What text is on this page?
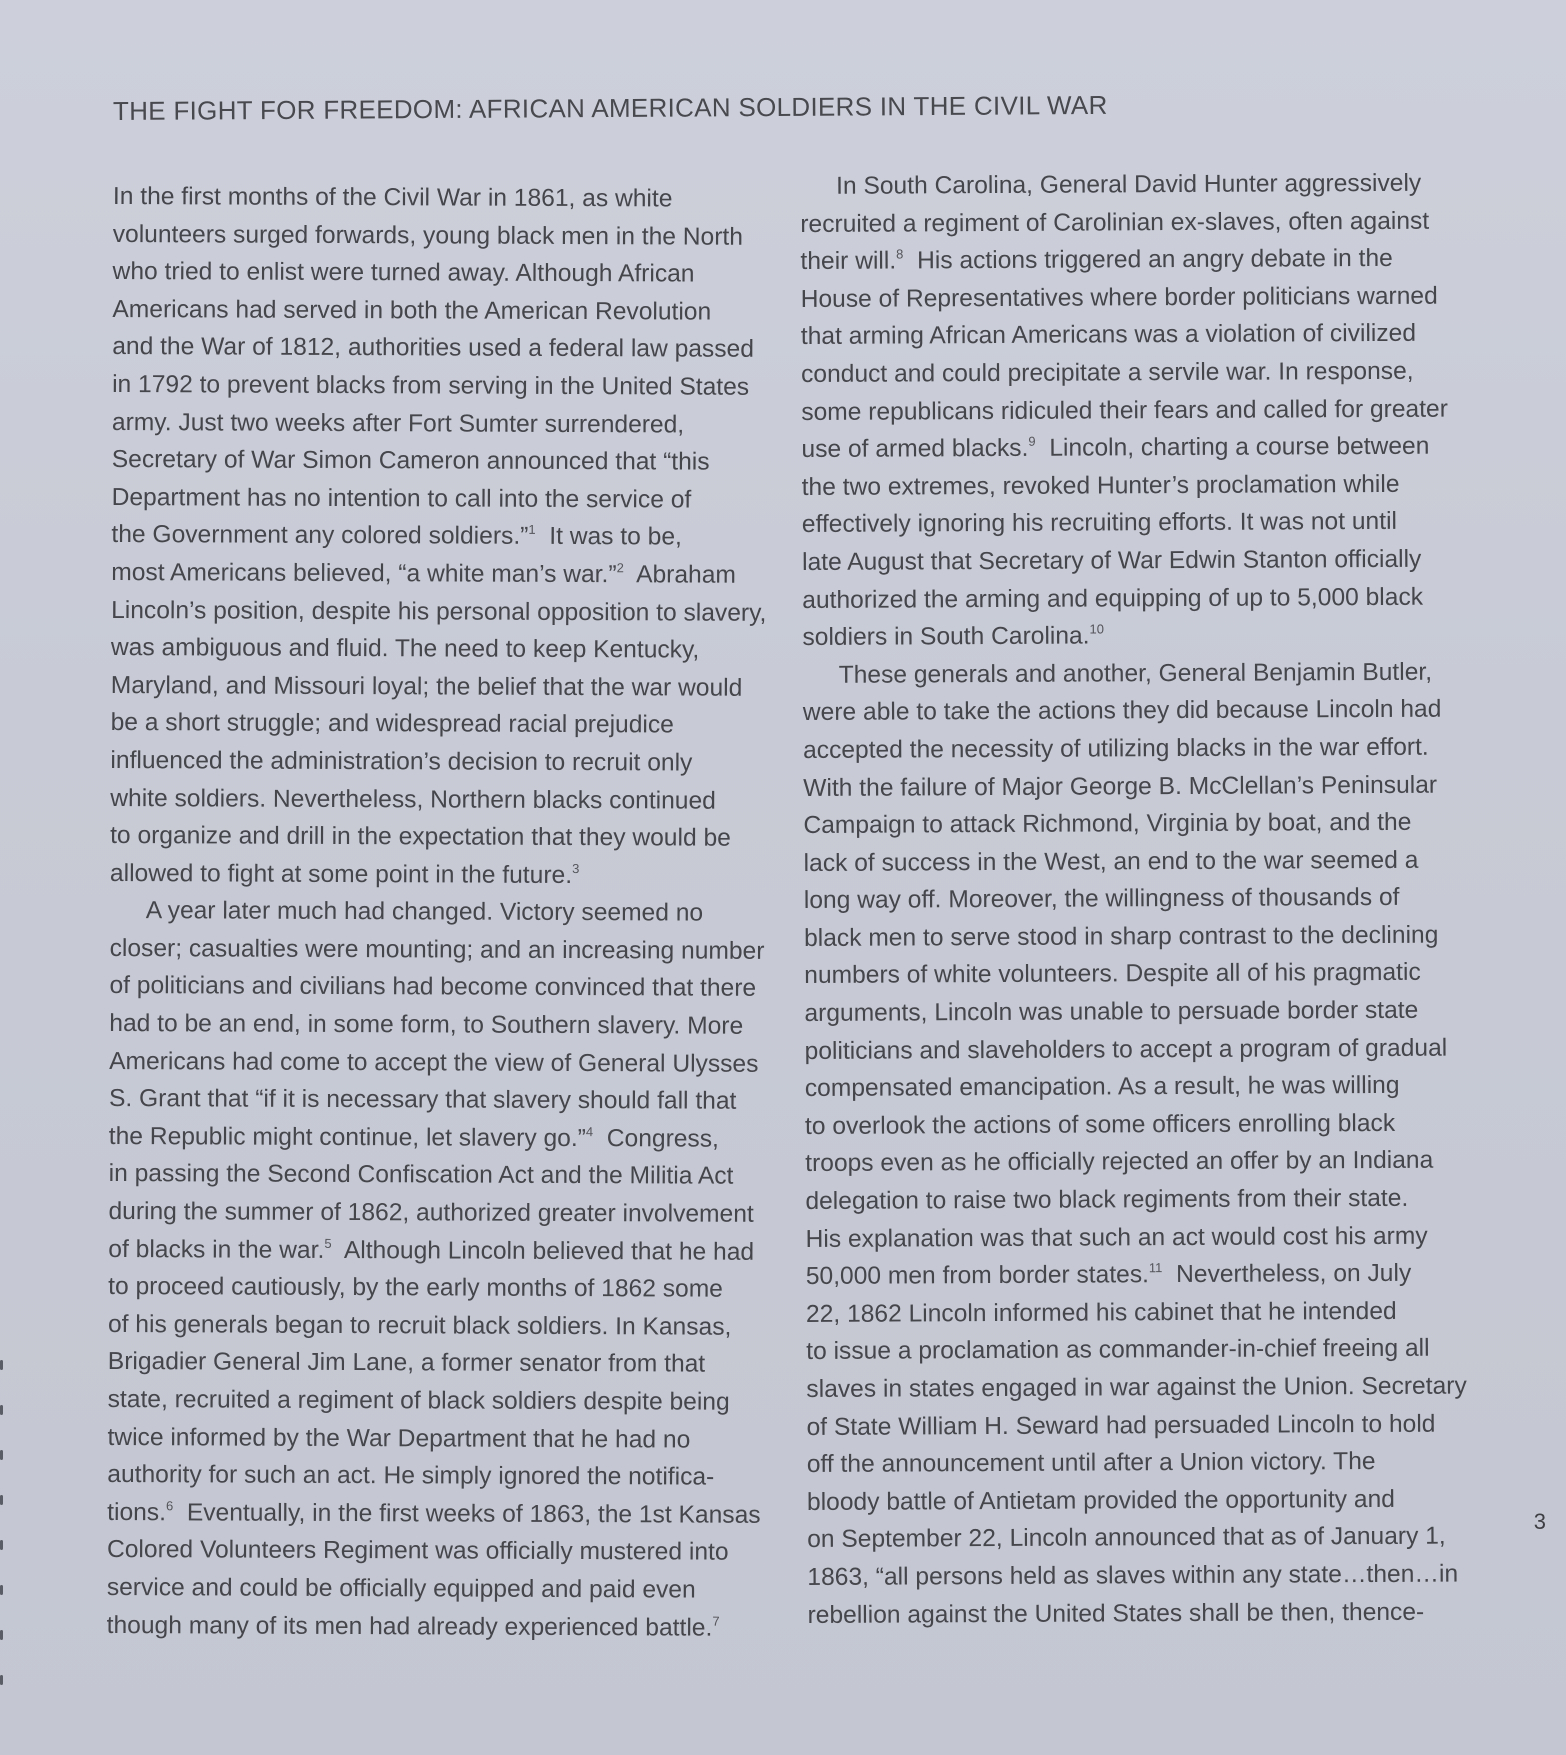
THE FIGHT FOR FREEDOM: AFRICAN AMERICAN SOLDIERS IN THE CIVIL WAR
In the first months of the Civil War in 1861, as white
volunteers surged forwards, young black men in the North
who tried to enlist were turned away. Although African
Americans had served in both the American Revolution
and the War of 1812, authorities used a federal law passed
in 1792 to prevent blacks from serving in the United States
army. Just two weeks after Fort Sumter surrendered,
Secretary of War Simon Cameron announced that “this
Department has no intention to call into the service of
the Government any colored soldiers.”$^1$  It was to be,
most Americans believed, “a white man’s war.”$^2$  Abraham
Lincoln’s position, despite his personal opposition to slavery,
was ambiguous and fluid. The need to keep Kentucky,
Maryland, and Missouri loyal; the belief that the war would
be a short struggle; and widespread racial prejudice
influenced the administration’s decision to recruit only
white soldiers. Nevertheless, Northern blacks continued
to organize and drill in the expectation that they would be
allowed to fight at some point in the future.$^3$
A year later much had changed. Victory seemed no
closer; casualties were mounting; and an increasing number
of politicians and civilians had become convinced that there
had to be an end, in some form, to Southern slavery. More
Americans had come to accept the view of General Ulysses
S. Grant that “if it is necessary that slavery should fall that
the Republic might continue, let slavery go.”$^4$  Congress,
in passing the Second Confiscation Act and the Militia Act
during the summer of 1862, authorized greater involvement
of blacks in the war.$^5$  Although Lincoln believed that he had
to proceed cautiously, by the early months of 1862 some
of his generals began to recruit black soldiers. In Kansas,
Brigadier General Jim Lane, a former senator from that
state, recruited a regiment of black soldiers despite being
twice informed by the War Department that he had no
authority for such an act. He simply ignored the notifica-
tions.$^6$  Eventually, in the first weeks of 1863, the 1st Kansas
Colored Volunteers Regiment was officially mustered into
service and could be officially equipped and paid even
though many of its men had already experienced battle.$^7$
In South Carolina, General David Hunter aggressively
recruited a regiment of Carolinian ex-slaves, often against
their will.$^8$  His actions triggered an angry debate in the
House of Representatives where border politicians warned
that arming African Americans was a violation of civilized
conduct and could precipitate a servile war. In response,
some republicans ridiculed their fears and called for greater
use of armed blacks.$^9$  Lincoln, charting a course between
the two extremes, revoked Hunter’s proclamation while
effectively ignoring his recruiting efforts. It was not until
late August that Secretary of War Edwin Stanton officially
authorized the arming and equipping of up to 5,000 black
soldiers in South Carolina.$^{10}$
These generals and another, General Benjamin Butler,
were able to take the actions they did because Lincoln had
accepted the necessity of utilizing blacks in the war effort.
With the failure of Major George B. McClellan’s Peninsular
Campaign to attack Richmond, Virginia by boat, and the
lack of success in the West, an end to the war seemed a
long way off. Moreover, the willingness of thousands of
black men to serve stood in sharp contrast to the declining
numbers of white volunteers. Despite all of his pragmatic
arguments, Lincoln was unable to persuade border state
politicians and slaveholders to accept a program of gradual
compensated emancipation. As a result, he was willing
to overlook the actions of some officers enrolling black
troops even as he officially rejected an offer by an Indiana
delegation to raise two black regiments from their state.
His explanation was that such an act would cost his army
50,000 men from border states.$^{11}$  Nevertheless, on July
22, 1862 Lincoln informed his cabinet that he intended
to issue a proclamation as commander-in-chief freeing all
slaves in states engaged in war against the Union. Secretary
of State William H. Seward had persuaded Lincoln to hold
off the announcement until after a Union victory. The
bloody battle of Antietam provided the opportunity and
on September 22, Lincoln announced that as of January 1,
1863, “all persons held as slaves within any state…then…in
rebellion against the United States shall be then, thence-
3
